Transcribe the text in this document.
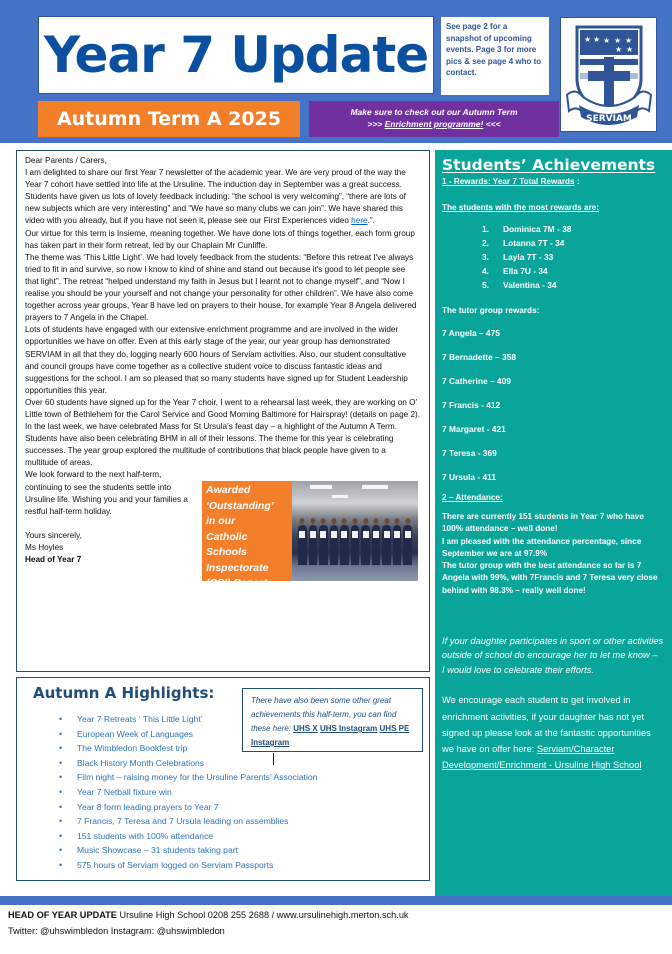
Year 7 Update	See page 2 for a snapshot of upcoming events. Page 3 for more pics & see page 4 who to contact.
★ ★ ★ ★ ★
★ ★
SERVIAM
Autumn Term A 2025	Make sure to check out our Autumn Term
>>> Enrichment programme! <<<

Dear Parents / Carers,

I am delighted to share our first Year 7 newsletter of the academic year. We are very proud of the way the Year 7 cohort have settled into life at the Ursuline. The induction day in September was a great success. Students have given us lots of lovely feedback including: “the school is very welcoming”, “there are lots of new subjects which are very interesting” and “We have so many clubs we can join”. We have shared this video with you already, but if you have not seen it, please see our First Experiences video here.”.

Our virtue for this term is Insieme, meaning together. We have done lots of things together, each form group has taken part in their form retreat, led by our Chaplain Mr Cunliffe.

The theme was ‘This Little Light’. We had lovely feedback from the students: “Before this retreat I've always tried to fit in and survive, so now I know to kind of shine and stand out because it's good to let people see that light”. The retreat “helped understand my faith in Jesus but I learnt not to change myself”, and “Now I realise you should be your yourself and not change your personality for other children”. We have also come together across year groups, Year 8 have led on prayers to their house, for example Year 8 Angela delivered prayers to 7 Angela in the Chapel.

Lots of students have engaged with our extensive enrichment programme and are involved in the wider opportunities we have on offer. Even at this early stage of the year, our year group has demonstrated SERVIAM in all that they do, logging nearly 600 hours of Serviam activities. Also, our student consultative and council groups have come together as a collective student voice to discuss fantastic ideas and suggestions for the school. I am so pleased that so many students have signed up for Student Leadership opportunities this year.

Over 60 students have signed up for the Year 7 choir, I went to a rehearsal last week, they are working on O’ Little town of Bethlehem for the Carol Service and Good Morning Baltimore for Hairspray! (details on page 2).

In the last week, we have celebrated Mass for St Ursula’s feast day – a highlight of the Autumn A Term. Students have also been celebrating BHM in all of their lessons. The theme for this year is celebrating successes. The year group explored the multitude of contributions that black people have given to a multitude of areas.

We look forward to the next half-term, continuing to see the students settle into Ursuline life. Wishing you and your families a restful half-term holiday.

Yours sincerely,

Ms Hoyles

Head of Year 7

Awarded
‘Outstanding’
in our
Catholic Schools
Inspectorate
(CSI) Report
Autumn A Highlights:
• Year 7 Retreats ‘ This Little Light’
• European Week of Languages
• The Wimbledon Bookfest trip
• Black History Month Celebrations
• Film night – raising money for the Ursuline Parents’ Association
• Year 7 Netball fixture win
• Year 8 form leading prayers to Year 7
• 7 Francis, 7 Teresa and 7 Ursula leading on assemblies
• 151 students with 100% attendance
• Music Showcase – 31 students taking part
• 575 hours of Serviam logged on Serviam Passports
There have also been some other great achievements this half-term, you can find these here: UHS X UHS Instagram UHS PE Instagram
Students’ Achievements
1 - Rewards: Year 7 Total Rewards :
The students with the most rewards are:
1. Dominica 7M - 38
2. Lotanna 7T - 34
3. Layla 7T - 33
4. Ella 7U - 34
5. Valentina - 34
The tutor group rewards:
7 Angela – 475
7 Bernadette – 358
7 Catherine – 409
7 Francis - 412
7 Margaret - 421
7 Teresa - 369
7 Ursula - 411
2 – Attendance:
There are currently 151 students in Year 7 who have 100% attendance – well done!
I am pleased with the attendance percentage, since September we are at 97.9%
The tutor group with the best attendance so far is 7 Angela with 99%, with 7Francis and 7 Teresa very close behind with 98.3% – really well done!
If your daughter participates in sport or other activities outside of school do encourage her to let me know –
I would love to celebrate their efforts.
We encourage each student to get involved in enrichment activities, if your daughter has not yet signed up please look at the fantastic opportunities we have on offer here: Serviam/Character Development/Enrichment - Ursuline High School
HEAD OF YEAR UPDATE Ursuline High School 0208 255 2688 / www.ursulinehigh.merton.sch.uk
Twitter: @uhswimbledon Instagram: @uhswimbledon
